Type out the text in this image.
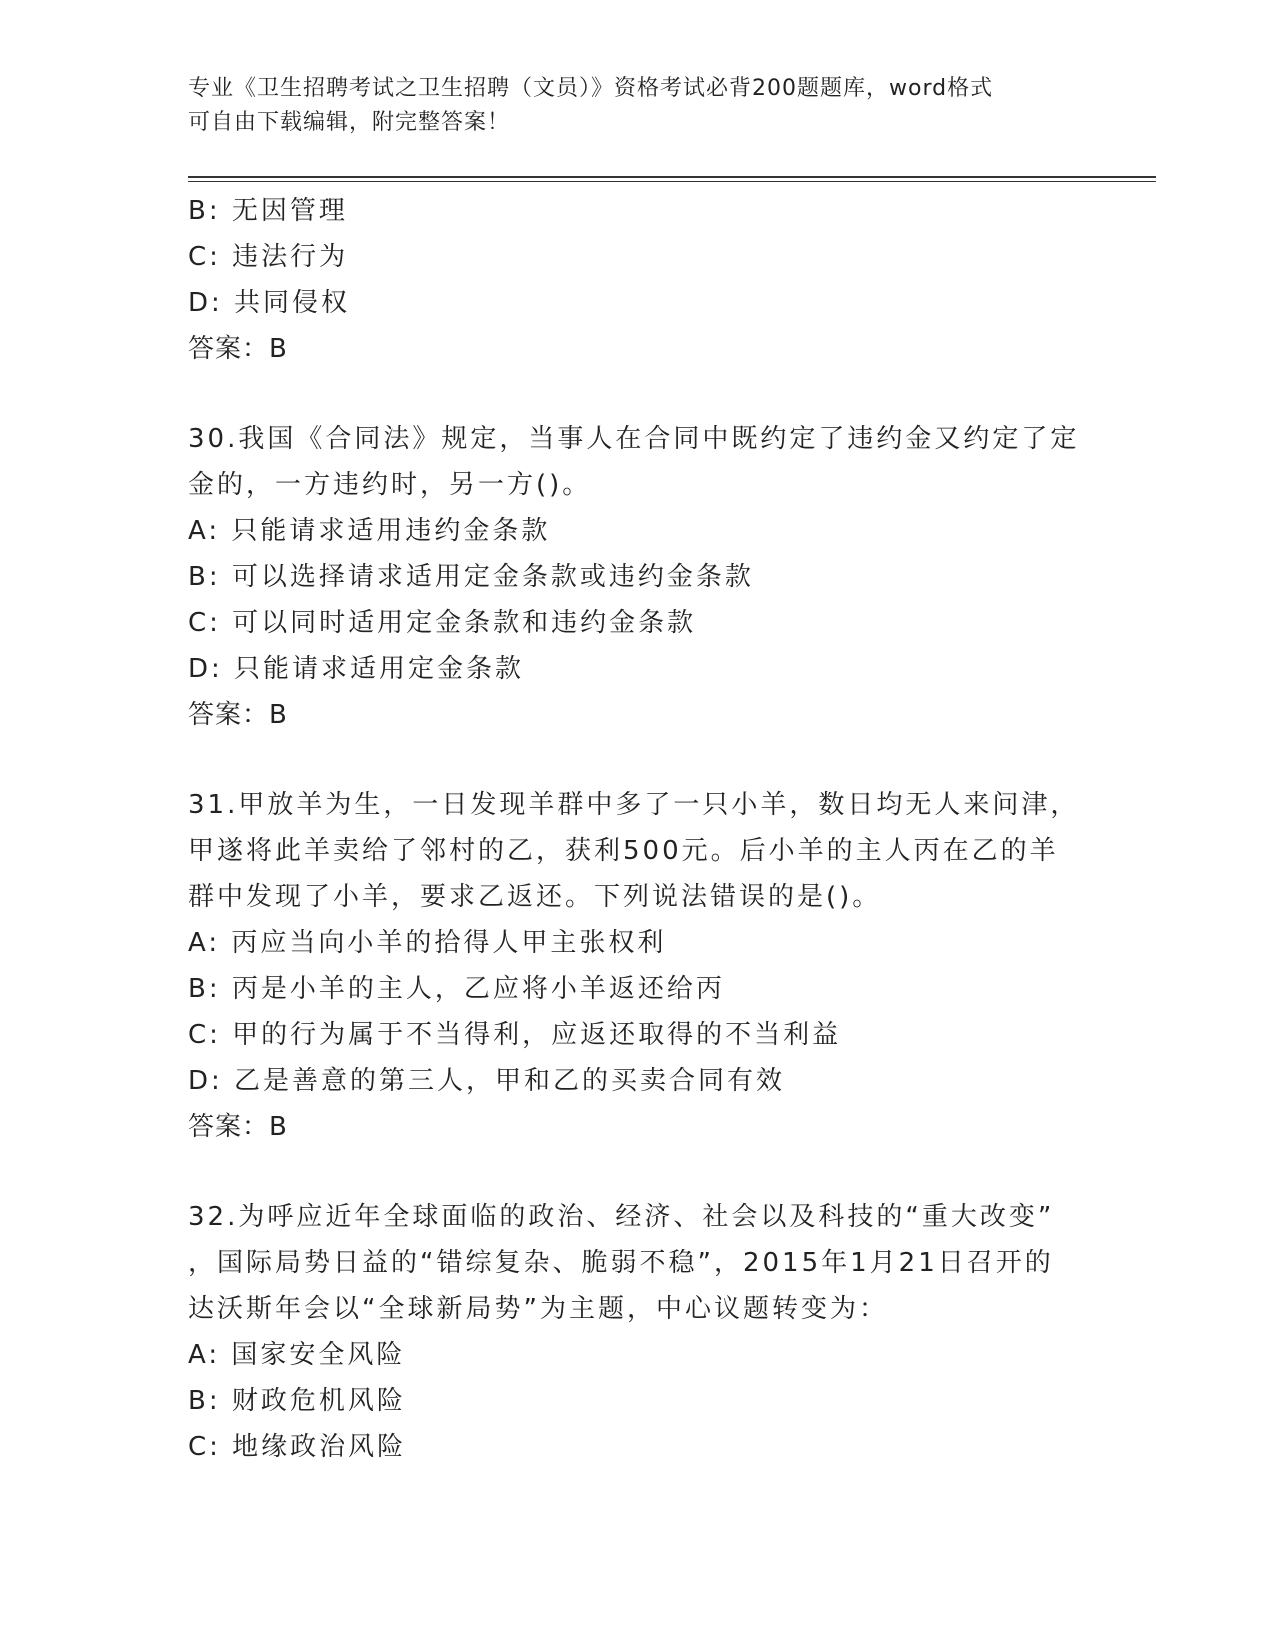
专业《卫生招聘考试之卫生招聘（文员）》资格考试必背200题题库，word格式
可自由下载编辑，附完整答案！
B: 无因管理
C: 违法行为
D: 共同侵权
答案：B
30.我国《合同法》规定，当事人在合同中既约定了违约金又约定了定
金的，一方违约时，另一方()。
A: 只能请求适用违约金条款
B: 可以选择请求适用定金条款或违约金条款
C: 可以同时适用定金条款和违约金条款
D: 只能请求适用定金条款
答案：B
31.甲放羊为生，一日发现羊群中多了一只小羊，数日均无人来问津，
甲遂将此羊卖给了邻村的乙，获利500元。后小羊的主人丙在乙的羊
群中发现了小羊，要求乙返还。下列说法错误的是()。
A: 丙应当向小羊的拾得人甲主张权利
B: 丙是小羊的主人，乙应将小羊返还给丙
C: 甲的行为属于不当得利，应返还取得的不当利益
D: 乙是善意的第三人，甲和乙的买卖合同有效
答案：B
32.为呼应近年全球面临的政治、经济、社会以及科技的“重大改变”
，国际局势日益的“错综复杂、脆弱不稳”，2015年1月21日召开的
达沃斯年会以“全球新局势”为主题，中心议题转变为：
A: 国家安全风险
B: 财政危机风险
C: 地缘政治风险
